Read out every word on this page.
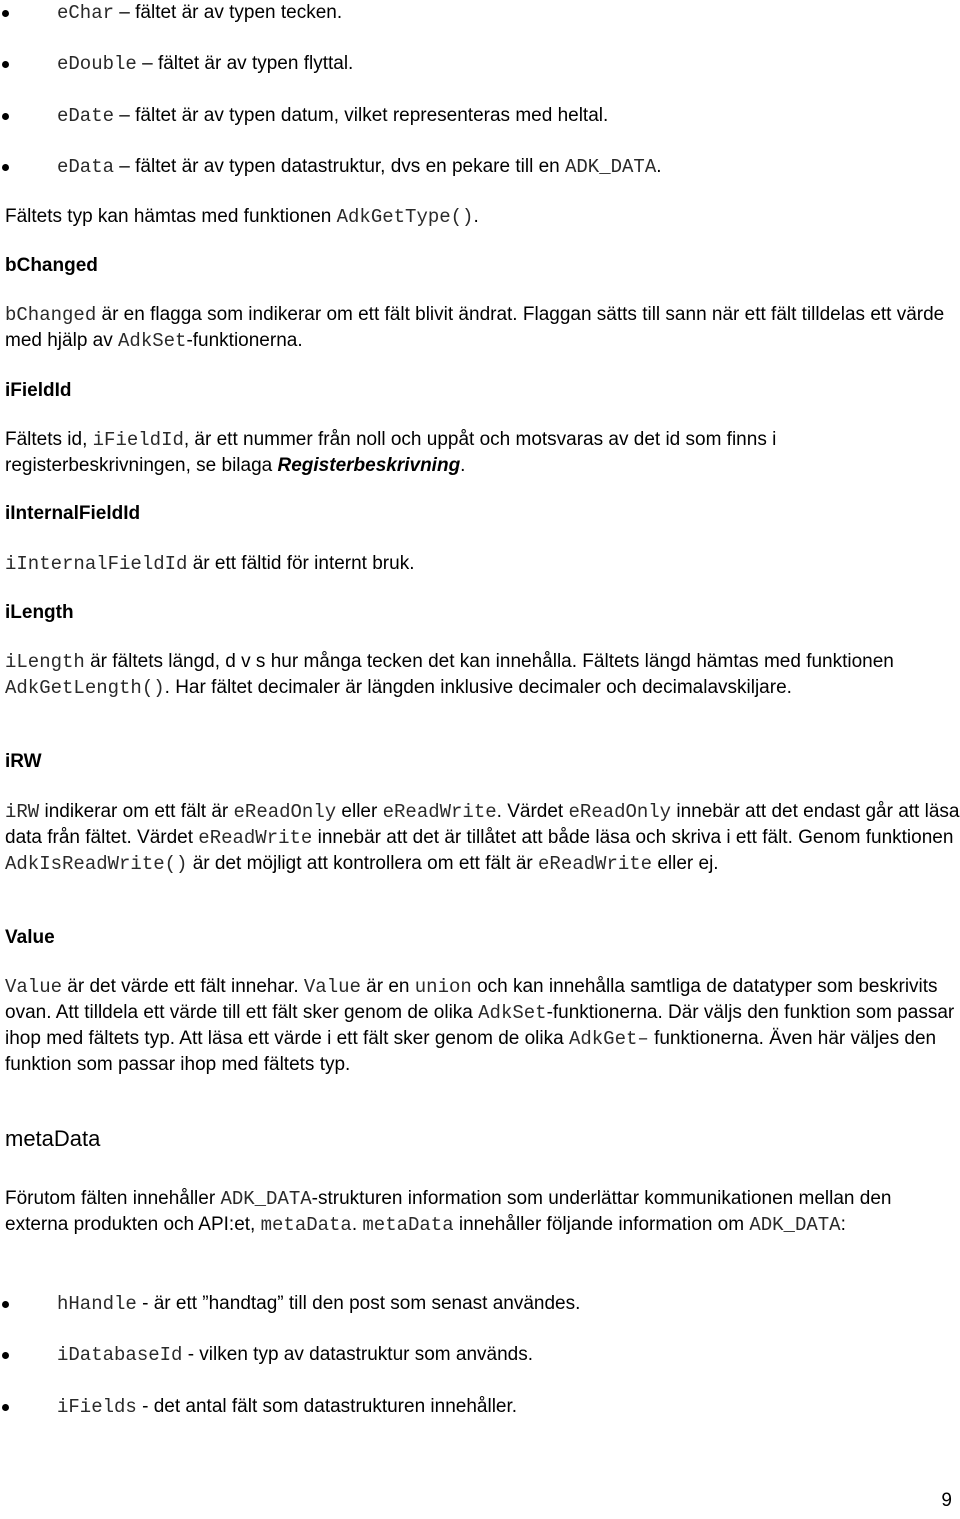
eChar – fältet är av typen tecken.
eDouble – fältet är av typen flyttal.
eDate – fältet är av typen datum, vilket representeras med heltal.
eData – fältet är av typen datastruktur, dvs en pekare till en ADK_DATA.

Fältets typ kan hämtas med funktionen AdkGetType().

bChanged

bChanged är en flagga som indikerar om ett fält blivit ändrat. Flaggan sätts till sann när ett fält tilldelas ett värde med hjälp av AdkSet-funktionerna.

iFieldId

Fältets id, iFieldId, är ett nummer från noll och uppåt och motsvaras av det id som finns i registerbeskrivningen, se bilaga Registerbeskrivning.

iInternalFieldId

iInternalFieldId är ett fältid för internt bruk.

iLength

iLength är fältets längd, d v s hur många tecken det kan innehålla. Fältets längd hämtas med funktionen AdkGetLength(). Har fältet decimaler är längden inklusive decimaler och decimalavskiljare.

iRW

iRW indikerar om ett fält är eReadOnly eller eReadWrite. Värdet eReadOnly innebär att det endast går att läsa data från fältet. Värdet eReadWrite innebär att det är tillåtet att både läsa och skriva i ett fält. Genom funktionen AdkIsReadWrite() är det möjligt att kontrollera om ett fält är eReadWrite eller ej.

Value

Value är det värde ett fält innehar. Value är en union och kan innehålla samtliga de datatyper som beskrivits ovan. Att tilldela ett värde till ett fält sker genom de olika AdkSet-funktionerna. Där väljs den funktion som passar ihop med fältets typ. Att läsa ett värde i ett fält sker genom de olika AdkGet– funktionerna. Även här väljes den funktion som passar ihop med fältets typ.

metaData

Förutom fälten innehåller ADK_DATA-strukturen information som underlättar kommunikationen mellan den externa produkten och API:et, metaData. metaData innehåller följande information om ADK_DATA:

hHandle - är ett ”handtag” till den post som senast användes.
iDatabaseId - vilken typ av datastruktur som används.
iFields - det antal fält som datastrukturen innehåller.
9
